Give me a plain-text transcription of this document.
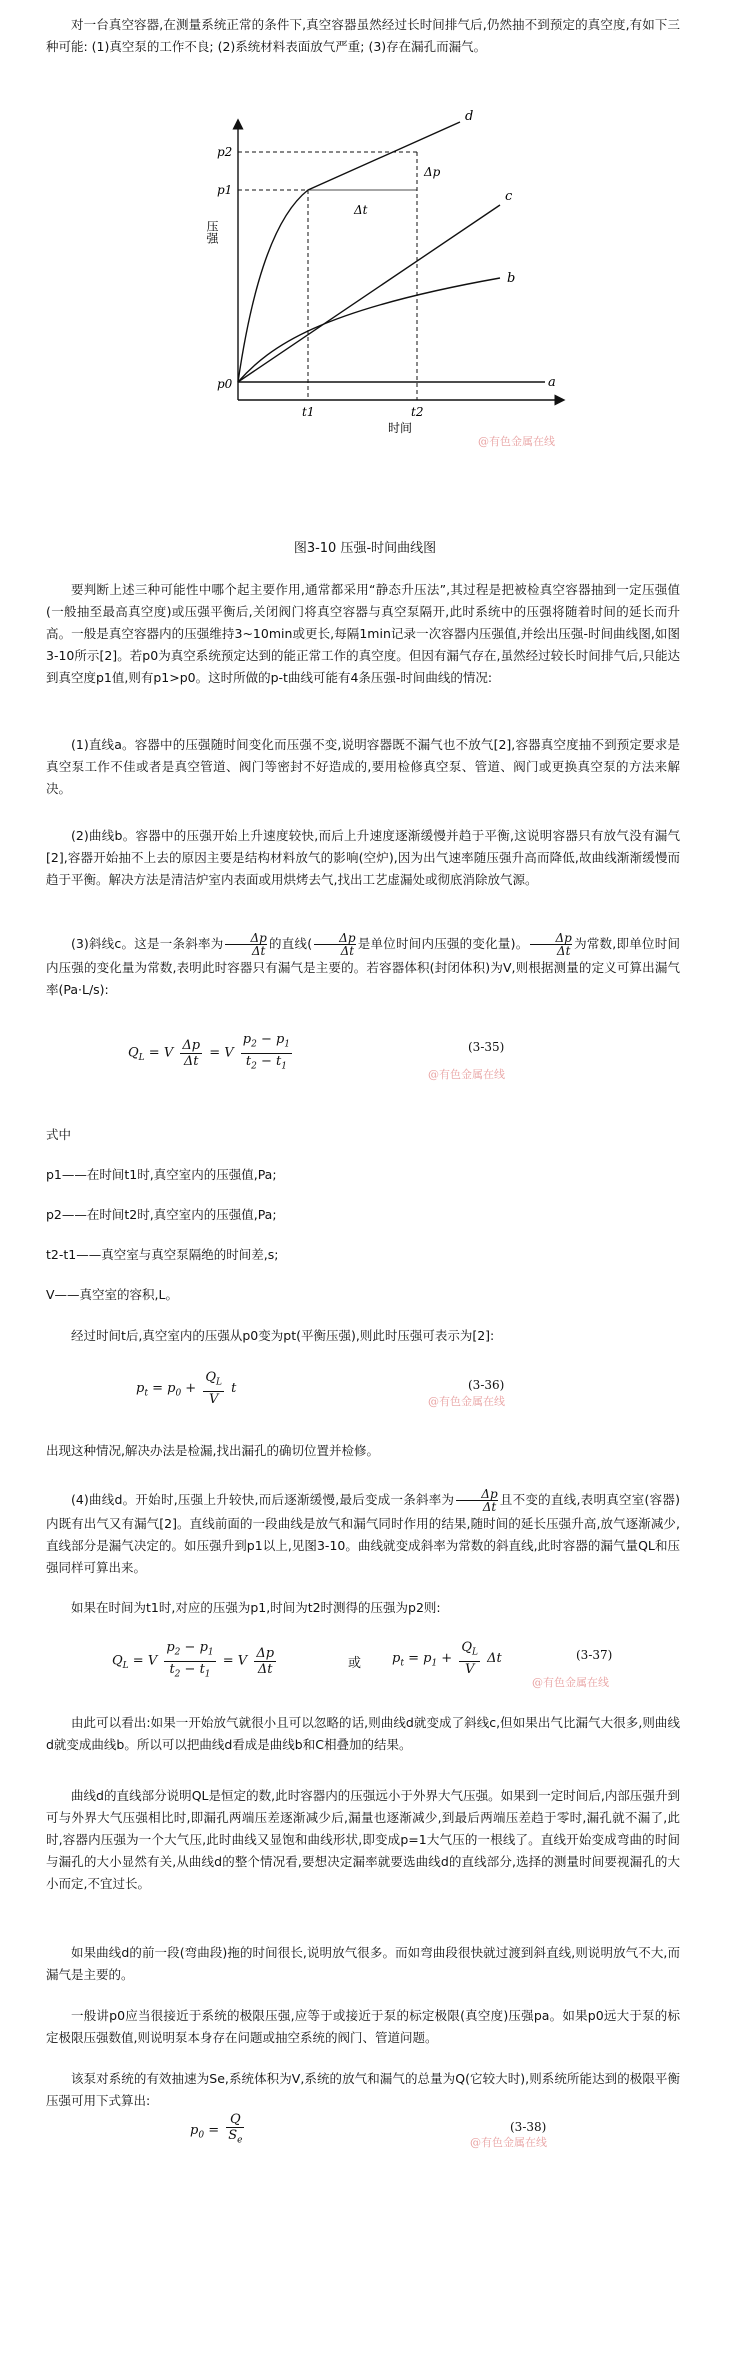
对一台真空容器,在测量系统正常的条件下,真空容器虽然经过长时间排气后,仍然抽不到预定的真空度,有如下三种可能: (1)真空泵的工作不良; (2)系统材料表面放气严重; (3)存在漏孔而漏气。

压强
时间
a
b
c
d
p2
p1
p0
t1	t2
Δp
Δt
@有色金属在线
图3-10 压强-时间曲线图

要判断上述三种可能性中哪个起主要作用,通常都采用“静态升压法”,其过程是把被检真空容器抽到一定压强值(一般抽至最高真空度)或压强平衡后,关闭阀门将真空容器与真空泵隔开,此时系统中的压强将随着时间的延长而升高。一般是真空容器内的压强维持3~10min或更长,每隔1min记录一次容器内压强值,并绘出压强-时间曲线图,如图3-10所示[2]。若p0为真空系统预定达到的能正常工作的真空度。但因有漏气存在,虽然经过较长时间排气后,只能达到真空度p1值,则有p1>p0。这时所做的p-t曲线可能有4条压强-时间曲线的情况:

(1)直线a。容器中的压强随时间变化而压强不变,说明容器既不漏气也不放气[2],容器真空度抽不到预定要求是真空泵工作不佳或者是真空管道、阀门等密封不好造成的,要用检修真空泵、管道、阀门或更换真空泵的方法来解决。

(2)曲线b。容器中的压强开始上升速度较快,而后上升速度逐渐缓慢并趋于平衡,这说明容器只有放气没有漏气[2],容器开始抽不上去的原因主要是结构材料放气的影响(空炉),因为出气速率随压强升高而降低,故曲线渐渐缓慢而趋于平衡。解决方法是清洁炉室内表面或用烘烤去气,找出工艺虚漏处或彻底消除放气源。

(3)斜线c。这是一条斜率为 $\frac{\Delta p}{\Delta t}$ 的直线( $\frac{\Delta p}{\Delta t}$ 是单位时间内压强的变化量)。 $\frac{\Delta p}{\Delta t}$ 为常数,即单位时间内压强的变化量为常数,表明此时容器只有漏气是主要的。若容器体积(封闭体积)为V,则根据测量的定义可算出漏气率(Pa·L/s):

$Q_L = V \frac{\Delta p}{\Delta t} = V \frac{p_2 - p_1}{t_2 - t_1}$	(3-35)
@有色金属在线

式中

p1——在时间t1时,真空室内的压强值,Pa;

p2——在时间t2时,真空室内的压强值,Pa;

t2-t1——真空室与真空泵隔绝的时间差,s;

V——真空室的容积,L。

经过时间t后,真空室内的压强从p0变为pt(平衡压强),则此时压强可表示为[2]:

$p_t = p_0 + \frac{Q_L}{V}$ t	(3-36)
@有色金属在线

出现这种情况,解决办法是检漏,找出漏孔的确切位置并检修。

(4)曲线d。开始时,压强上升较快,而后逐渐缓慢,最后变成一条斜率为 $\frac{\Delta p}{\Delta t}$ 且不变的直线,表明真空室(容器)内既有出气又有漏气[2]。直线前面的一段曲线是放气和漏气同时作用的结果,随时间的延长压强升高,放气逐渐减少,直线部分是漏气决定的。如压强升到p1以上,见图3-10。曲线就变成斜率为常数的斜直线,此时容器的漏气量QL和压强同样可算出来。

如果在时间为t1时,对应的压强为p1,时间为t2时测得的压强为p2则:

$Q_L = V \frac{p_2 - p_1}{t_2 - t_1} = V \frac{\Delta p}{\Delta t}$	或 $p_t = p_1 + \frac{Q_L}{V}$ Δt	(3-37)
@有色金属在线

由此可以看出:如果一开始放气就很小且可以忽略的话,则曲线d就变成了斜线c,但如果出气比漏气大很多,则曲线d就变成曲线b。所以可以把曲线d看成是曲线b和C相叠加的结果。

曲线d的直线部分说明QL是恒定的数,此时容器内的压强远小于外界大气压强。如果到一定时间后,内部压强升到可与外界大气压强相比时,即漏孔两端压差逐渐减少后,漏量也逐渐减少,到最后两端压差趋于零时,漏孔就不漏了,此时,容器内压强为一个大气压,此时曲线又显饱和曲线形状,即变成p=1大气压的一根线了。直线开始变成弯曲的时间与漏孔的大小显然有关,从曲线d的整个情况看,要想决定漏率就要选曲线d的直线部分,选择的测量时间要视漏孔的大小而定,不宜过长。

如果曲线d的前一段(弯曲段)拖的时间很长,说明放气很多。而如弯曲段很快就过渡到斜直线,则说明放气不大,而漏气是主要的。

一般讲p0应当很接近于系统的极限压强,应等于或接近于泵的标定极限(真空度)压强pa。如果p0远大于泵的标定极限压强数值,则说明泵本身存在问题或抽空系统的阀门、管道问题。

该泵对系统的有效抽速为Se,系统体积为V,系统的放气和漏气的总量为Q(它较大时),则系统所能达到的极限平衡压强可用下式算出:

$p_0 = \frac{Q}{S_e}$	(3-38)
@有色金属在线
